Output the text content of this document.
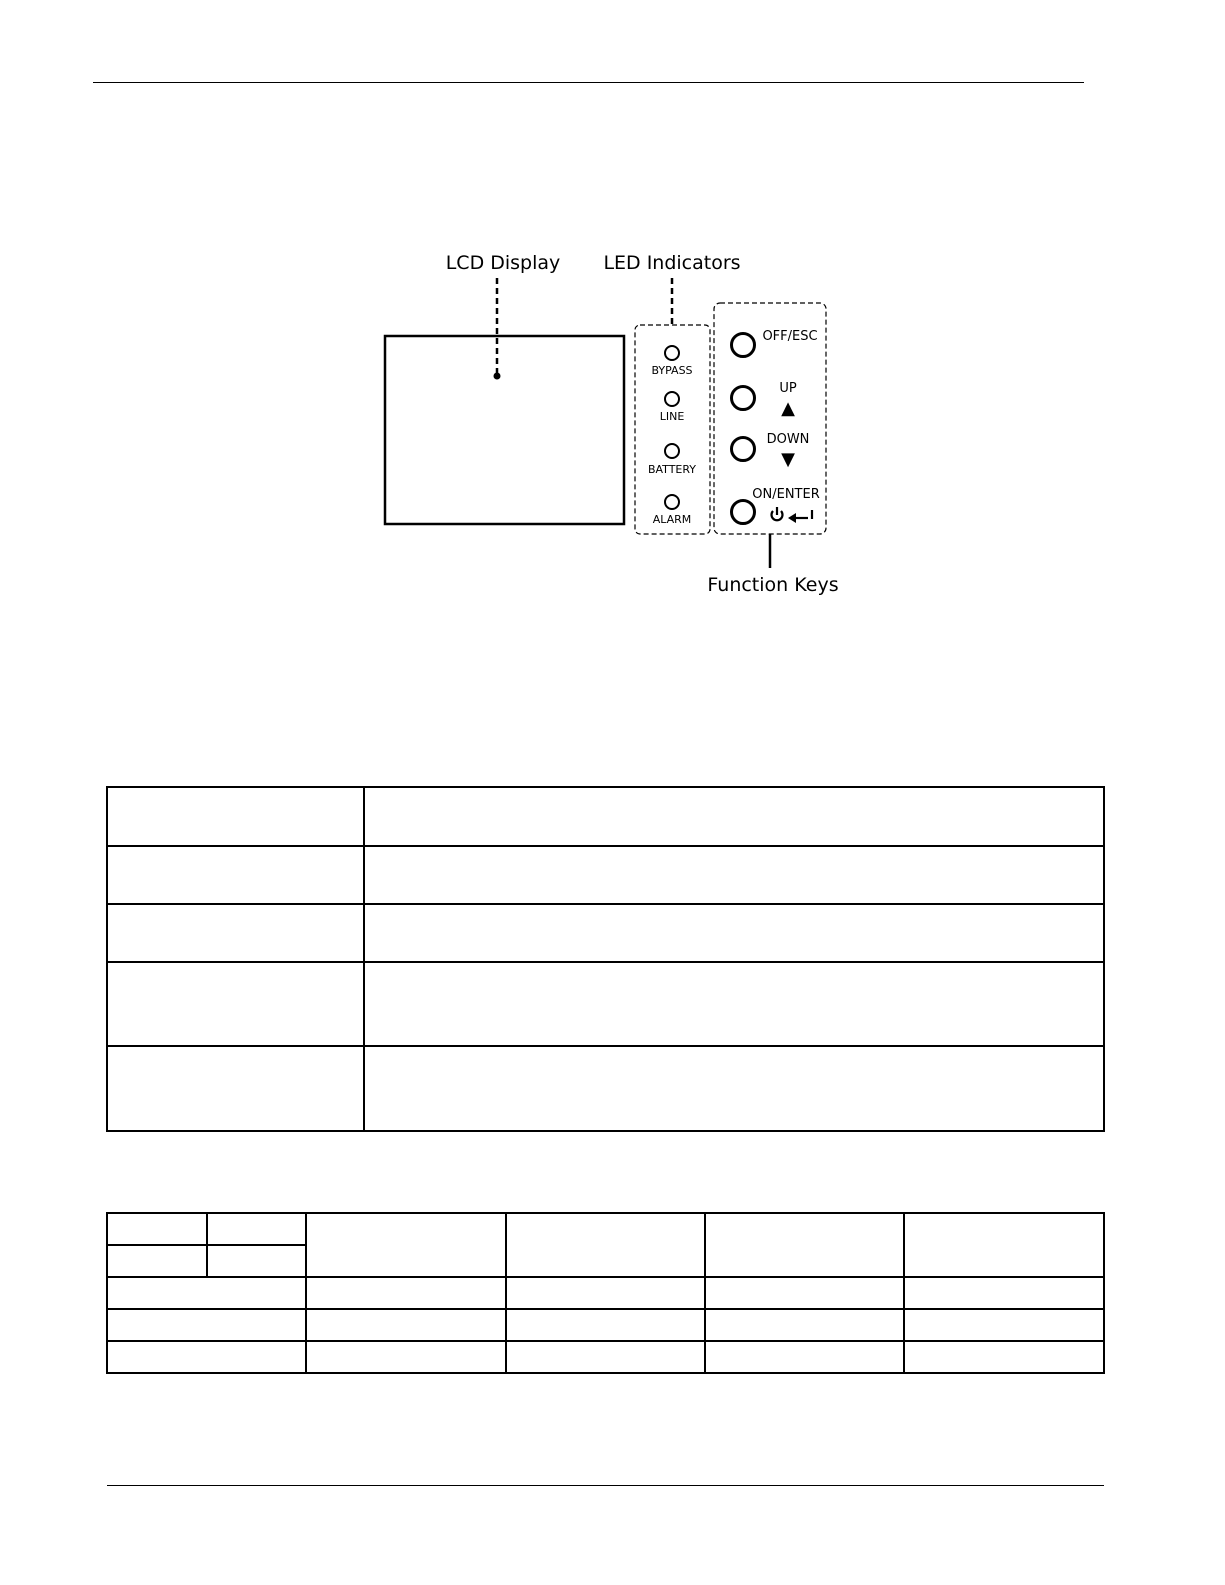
LCD Display LED Indicators
BYPASS
LINE
BATTERY
ALARM
OFF/ESC
UP
▲
DOWN
▼
ON/ENTER
Function Keys
